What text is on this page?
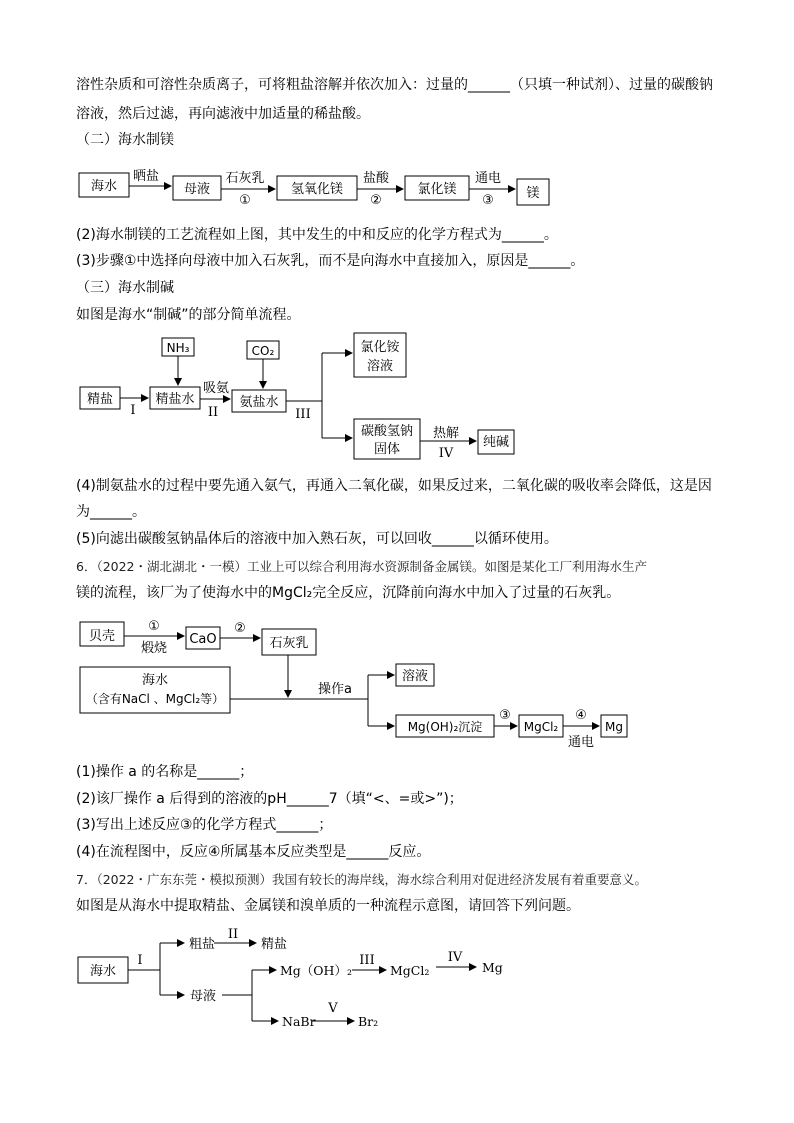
溶性杂质和可溶性杂质离子，可将粗盐溶解并依次加入：过量的______（只填一种试剂）、过量的碳酸钠
溶液，然后过滤，再向滤液中加适量的稀盐酸。
（二）海水制镁
(2)海水制镁的工艺流程如上图，其中发生的中和反应的化学方程式为______。
(3)步骤①中选择向母液中加入石灰乳，而不是向海水中直接加入，原因是______。
（三）海水制碱
如图是海水“制碱”的部分简单流程。
(4)制氨盐水的过程中要先通入氨气，再通入二氧化碳，如果反过来，二氧化碳的吸收率会降低，这是因
为______。
(5)向滤出碳酸氢钠晶体后的溶液中加入熟石灰，可以回收______以循环使用。
6．（2022・湖北湖北・一模）工业上可以综合利用海水资源制备金属镁。如图是某化工厂利用海水生产
镁的流程，该厂为了使海水中的MgCl₂完全反应，沉降前向海水中加入了过量的石灰乳。
(1)操作 a 的名称是______；
(2)该厂操作 a 后得到的溶液的pH______7（填“<、=或>”)；
(3)写出上述反应③的化学方程式______；
(4)在流程图中，反应④所属基本反应类型是______反应。
7．（2022・广东东莞・模拟预测）我国有较长的海岸线，海水综合利用对促进经济发展有着重要意义。
如图是从海水中提取精盐、金属镁和溴单质的一种流程示意图，请回答下列问题。
海水	母液	氢氧化镁	氯化镁	镁
晒盐	石灰乳
①
盐酸
②
通电
③
精盐	精盐水	氨盐水
NH₃	CO₂	氯化铵
溶液
碳酸氢钠
固体	纯碱
I
吸氨
II	III
热解
IV
贝壳	CaO	石灰乳
海水
（含有NaCl 、MgCl₂等）
溶液
Mg(OH)₂沉淀	MgCl₂	Mg
①
煅烧
②
操作a
③	④
通电
海水
粗盐	精盐
母液
Mg（OH）₂	MgCl₂	Mg
NaBr	Br₂
I
II
III	IV
V
